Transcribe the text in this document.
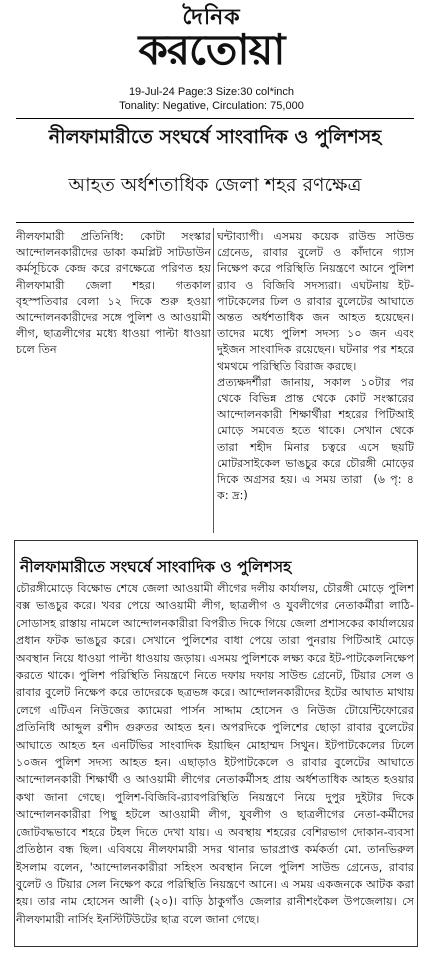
দৈনিক
করতোয়া
19-Jul-24 Page:3 Size:30 col*inch
Tonality: Negative, Circulation: 75,000
নীলফামারীতে সংঘর্ষে সাংবাদিক ও পুলিশসহ
আহত অর্ধশতাধিক জেলা শহর রণক্ষেত্র

নীলফামারী প্রতিনিধি: কোটা সংস্কার আন্দোলনকারীদের ডাকা কমপ্লিট সাটডাউন কর্মসূচিকে কেন্দ্র করে রণক্ষেত্রে পরিণত হয় নীলফামারী জেলা শহর। গতকাল বৃহস্পতিবার বেলা ১২ দিকে শুরু হওয়া আন্দোলনকারীদের সঙ্গে পুলিশ ও আওয়ামী লীগ, ছাত্রলীগের মধ্যে ধাওয়া পাল্টা ধাওয়া চলে তিন

ঘন্টাব্যাপী। এসময় কয়েক রাউন্ড সাউন্ড গ্রেনেড, রাবার বুলেট ও কাঁদানে গ্যাস নিক্ষেপ করে পরিস্থিতি নিয়ন্ত্রণে আনে পুলিশ র‌্যাব ও বিজিবি সদস্যরা। এঘটনায় ইট-পাটকেলের ঢিল ও রাবার বুলেটের আঘাতে অন্তত অর্ধশতাধিক জন আহত হয়েছেন। তাদের মধ্যে পুলিশ সদস্য ১০ জন এবং দুইজন সাংবাদিক রয়েছেন। ঘটনার পর শহরে থমথমে পরিস্থিতি বিরাজ করছে।

প্রত্যক্ষদর্শীরা জানায়, সকাল ১০টার পর থেকে বিভিন্ন প্রান্ত থেকে কোট সংস্কারের আন্দোলনকারী শিক্ষার্থীরা শহরের পিটিআই মোড়ে সমবেত হতে থাকে। সেখান থেকে তারা শহীদ মিনার চত্বরে এসে ছয়টি মোটরসাইকেল ভাঙচুর করে চৌরঙ্গী মোড়ের দিকে অগ্রসর হয়। এ সময় তারা (৬ পৃ: ৪ ক: দ্র:)

নীলফামারীতে সংঘর্ষে সাংবাদিক ও পুলিশসহ
চৌরঙ্গীমোড়ে বিক্ষোভ শেষে জেলা আওয়ামী লীগের দলীয় কার্যালয়, চৌরঙ্গী মোড়ে পুলিশ বক্স ভাঙচুর করে। খবর পেয়ে আওয়ামী লীগ, ছাত্রলীগ ও যুবলীগের নেতাকর্মীরা লাঠি-সোডাসহ রাস্তায় নামলে আন্দোলনকারীরা বিপরীত দিকে গিয়ে জেলা প্রশাসকের কার্যালয়ের প্রধান ফটক ভাঙচুর করে। সেখানে পুলিশের বাধা পেয়ে তারা পুনরায় পিটিআই মোড়ে অবস্থান নিয়ে ধাওয়া পাল্টা ধাওয়ায় জড়ায়। এসময় পুলিশকে লক্ষ্য করে ইট-পাটকেলনিক্ষেপ করতে থাকে। পুলিশ পরিস্থিতি নিয়ন্ত্রণে নিতে দফায় দফায় সাউন্ড গ্রেনেট, টিয়ার সেল ও রাবার বুলেট নিক্ষেপ করে তাদেরকে ছত্রভঙ্গ করে। আন্দোলনকারীদের ইটের আঘাত মাথায় লেগে এটিএন নিউজের ক্যামেরা পার্সন সাদ্দাম হোসেন ও নিউজ টোয়েন্টিফোরের প্রতিনিধি আব্দুল রশীদ গুরুতর আহত হন। অপরদিকে পুলিশের ছোড়া রাবার বুলেটের আঘাতে আহত হন এনটিভির সাংবাদিক ইয়াছিন মোহাম্মদ সিথুন। ইটপাটকেলের ঢিলে ১০জন পুলিশ সদস্য আহত হন। এছাড়াও ইটপাটকেলে ও রাবার বুলেটের আঘাতে আন্দোলনকারী শিক্ষার্থী ও আওয়ামী লীগের নেতাকর্মীসহ প্রায় অর্ধশতাধিক আহত হওয়ার কথা জানা গেছে। পুলিশ-বিজিবি-র‌্যাবপরিস্থিতি নিয়ন্ত্রণে নিয়ে দুপুর দুইটার দিকে আন্দোলনকারীরা পিছু হটলে আওয়ামী লীগ, যুবলীগ ও ছাত্রলীগের নেতা-কর্মীদের জোটবদ্ধভাবে শহরে টহল দিতে দেখা যায়। এ অবস্থায় শহরের বেশিরভাগ দোকান-ব্যবসা প্রতিষ্ঠান বন্ধ ছিল। এবিষয়ে নীলফামারী সদর থানার ভারপ্রাপ্ত কর্মকর্তা মো. তানভিরুল ইসলাম বলেন, 'আন্দোলনকারীরা সহিংস অবস্থান নিলে পুলিশ সাউন্ড গ্রেনেড, রাবার বুলেট ও টিয়ার সেল নিক্ষেপ করে পরিস্থিতি নিয়ন্ত্রণে আনে। এ সময় একজনকে আটক করা হয়। তার নাম হোসেন আলী (২০)। বাড়ি ঠাকুগাঁও জেলার রানীশংকৈল উপজেলায়। সে নীলফামারী নার্সিং ইনস্টিটিউটের ছাত্র বলে জানা গেছে।
